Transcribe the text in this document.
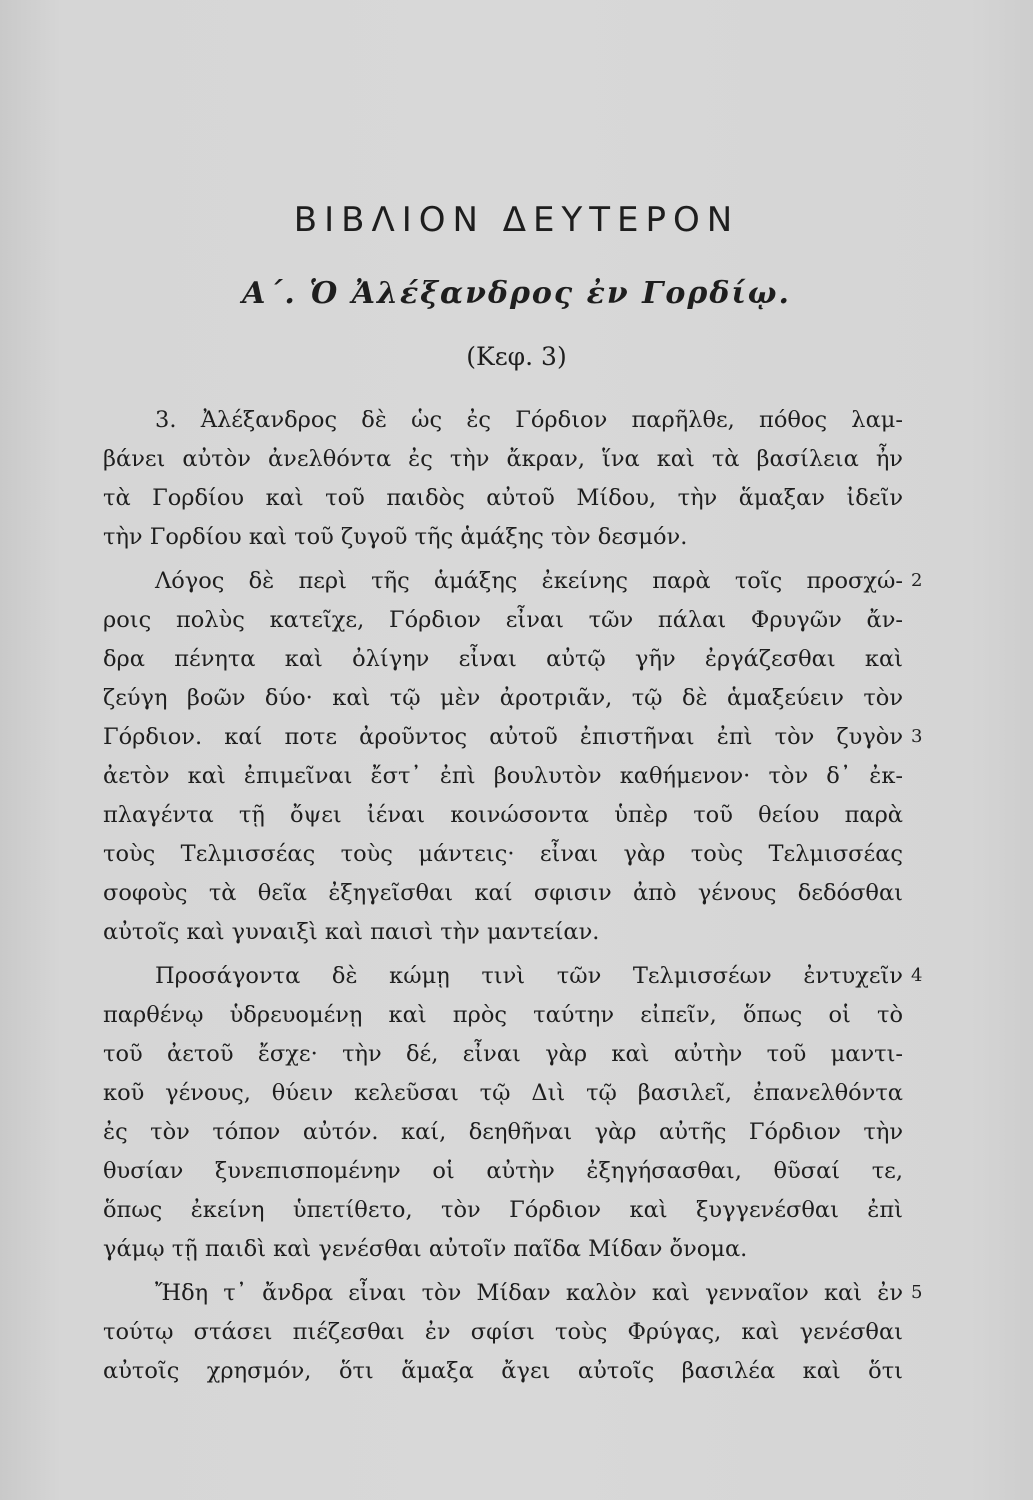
ΒΙΒΛΙΟΝ ΔΕΥΤΕΡΟΝ
Α΄. Ὁ Ἀλέξανδρος ἐν Γορδίῳ.
(Κεφ. 3)
3. Ἀλέξανδρος δὲ ὡς ἐς Γόρδιον παρῆλθε, πόθος λαμ-
βάνει αὐτὸν ἀνελθόντα ἐς τὴν ἄκραν, ἵνα καὶ τὰ βασίλεια ἦν
τὰ Γορδίου καὶ τοῦ παιδὸς αὐτοῦ Μίδου, τὴν ἅμαξαν ἰδεῖν
τὴν Γορδίου καὶ τοῦ ζυγοῦ τῆς ἁμάξης τὸν δεσμόν.
Λόγος δὲ περὶ τῆς ἁμάξης ἐκείνης παρὰ τοῖς προσχώ-
ροις πολὺς κατεῖχε, Γόρδιον εἶναι τῶν πάλαι Φρυγῶν ἄν-
δρα πένητα καὶ ὀλίγην εἶναι αὐτῷ γῆν ἐργάζεσθαι καὶ
ζεύγη βοῶν δύο· καὶ τῷ μὲν ἀροτριᾶν, τῷ δὲ ἁμαξεύειν τὸν
Γόρδιον. καί ποτε ἀροῦντος αὐτοῦ ἐπιστῆναι ἐπὶ τὸν ζυγὸν
ἀετὸν καὶ ἐπιμεῖναι ἔστ᾽ ἐπὶ βουλυτὸν καθήμενον· τὸν δ᾽ ἐκ-
πλαγέντα τῇ ὄψει ἰέναι κοινώσοντα ὑπὲρ τοῦ θείου παρὰ
τοὺς Τελμισσέας τοὺς μάντεις· εἶναι γὰρ τοὺς Τελμισσέας
σοφοὺς τὰ θεῖα ἐξηγεῖσθαι καί σφισιν ἀπὸ γένους δεδόσθαι
αὐτοῖς καὶ γυναιξὶ καὶ παισὶ τὴν μαντείαν.
Προσάγοντα δὲ κώμῃ τινὶ τῶν Τελμισσέων ἐντυχεῖν
παρθένῳ ὑδρευομένῃ καὶ πρὸς ταύτην εἰπεῖν, ὅπως οἱ τὸ
τοῦ ἀετοῦ ἔσχε· τὴν δέ, εἶναι γὰρ καὶ αὐτὴν τοῦ μαντι-
κοῦ γένους, θύειν κελεῦσαι τῷ Διὶ τῷ βασιλεῖ, ἐπανελθόντα
ἐς τὸν τόπον αὐτόν. καί, δεηθῆναι γὰρ αὐτῆς Γόρδιον τὴν
θυσίαν ξυνεπισπομένην οἱ αὐτὴν ἐξηγήσασθαι, θῦσαί τε,
ὅπως ἐκείνη ὑπετίθετο, τὸν Γόρδιον καὶ ξυγγενέσθαι ἐπὶ
γάμῳ τῇ παιδὶ καὶ γενέσθαι αὐτοῖν παῖδα Μίδαν ὄνομα.
Ἤδη τ᾽ ἄνδρα εἶναι τὸν Μίδαν καλὸν καὶ γενναῖον καὶ ἐν
τούτῳ στάσει πιέζεσθαι ἐν σφίσι τοὺς Φρύγας, καὶ γενέσθαι
αὐτοῖς χρησμόν, ὅτι ἅμαξα ἄγει αὐτοῖς βασιλέα καὶ ὅτι
2
3
4
5
